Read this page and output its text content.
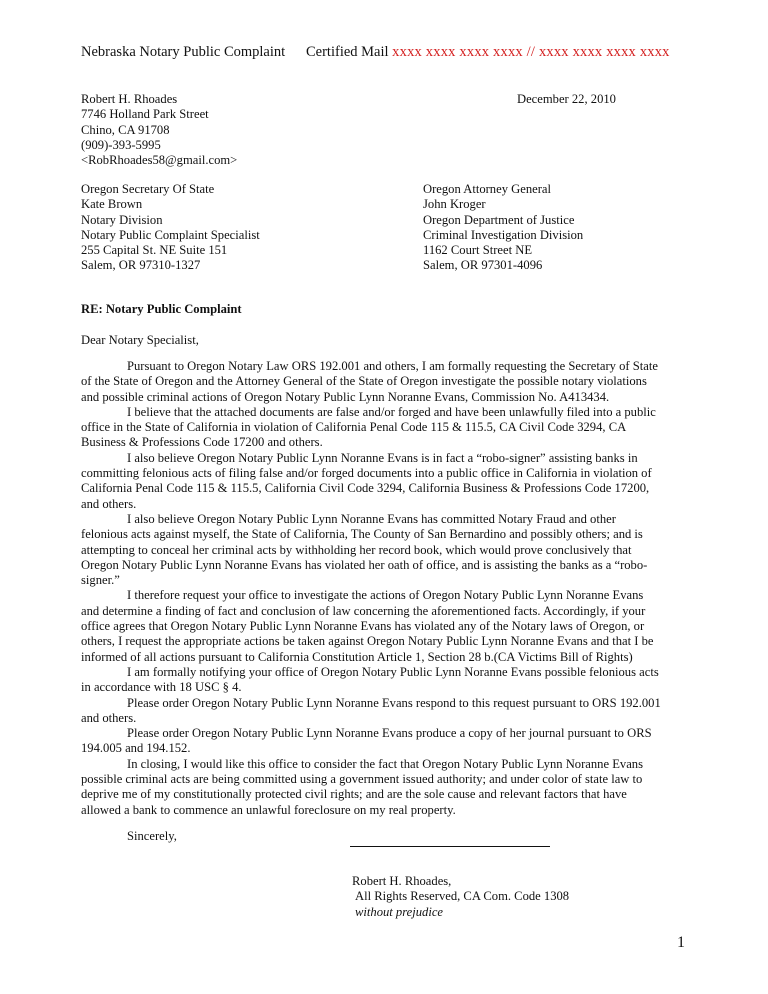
Nebraska Notary Public Complaint Certified Mail xxxx xxxx xxxx xxxx // xxxx xxxx xxxx xxxx
Robert H. Rhoades
7746 Holland Park Street
Chino, CA 91708
(909)-393-5995
<RobRhoades58@gmail.com>
December 22, 2010
Oregon Secretary Of State
Kate Brown
Notary Division
Notary Public Complaint Specialist
255 Capital St. NE Suite 151
Salem, OR 97310-1327
Oregon Attorney General
John Kroger
Oregon Department of Justice
Criminal Investigation Division
1162 Court Street NE
Salem, OR 97301-4096
RE: Notary Public Complaint
Dear Notary Specialist,
Pursuant to Oregon Notary Law ORS 192.001 and others, I am formally requesting the Secretary of State
of the State of Oregon and the Attorney General of the State of Oregon investigate the possible notary violations
and possible criminal actions of Oregon Notary Public Lynn Noranne Evans, Commission No. A413434.
I believe that the attached documents are false and/or forged and have been unlawfully filed into a public
office in the State of California in violation of California Penal Code 115 & 115.5, CA Civil Code 3294, CA
Business & Professions Code 17200 and others.
I also believe Oregon Notary Public Lynn Noranne Evans is in fact a “robo-signer” assisting banks in
committing felonious acts of filing false and/or forged documents into a public office in California in violation of
California Penal Code 115 & 115.5, California Civil Code 3294, California Business & Professions Code 17200,
and others.
I also believe Oregon Notary Public Lynn Noranne Evans has committed Notary Fraud and other
felonious acts against myself, the State of California, The County of San Bernardino and possibly others; and is
attempting to conceal her criminal acts by withholding her record book, which would prove conclusively that
Oregon Notary Public Lynn Noranne Evans has violated her oath of office, and is assisting the banks as a “robo-
signer.”
I therefore request your office to investigate the actions of Oregon Notary Public Lynn Noranne Evans
and determine a finding of fact and conclusion of law concerning the aforementioned facts. Accordingly, if your
office agrees that Oregon Notary Public Lynn Noranne Evans has violated any of the Notary laws of Oregon, or
others, I request the appropriate actions be taken against Oregon Notary Public Lynn Noranne Evans and that I be
informed of all actions pursuant to California Constitution Article 1, Section 28 b.(CA Victims Bill of Rights)
I am formally notifying your office of Oregon Notary Public Lynn Noranne Evans possible felonious acts
in accordance with 18 USC § 4.
Please order Oregon Notary Public Lynn Noranne Evans respond to this request pursuant to ORS 192.001
and others.
Please order Oregon Notary Public Lynn Noranne Evans produce a copy of her journal pursuant to ORS
194.005 and 194.152.
In closing, I would like this office to consider the fact that Oregon Notary Public Lynn Noranne Evans
possible criminal acts are being committed using a government issued authority; and under color of state law to
deprive me of my constitutionally protected civil rights; and are the sole cause and relevant factors that have
allowed a bank to commence an unlawful foreclosure on my real property.
Sincerely,
Robert H. Rhoades,
All Rights Reserved, CA Com. Code 1308
without prejudice
1
